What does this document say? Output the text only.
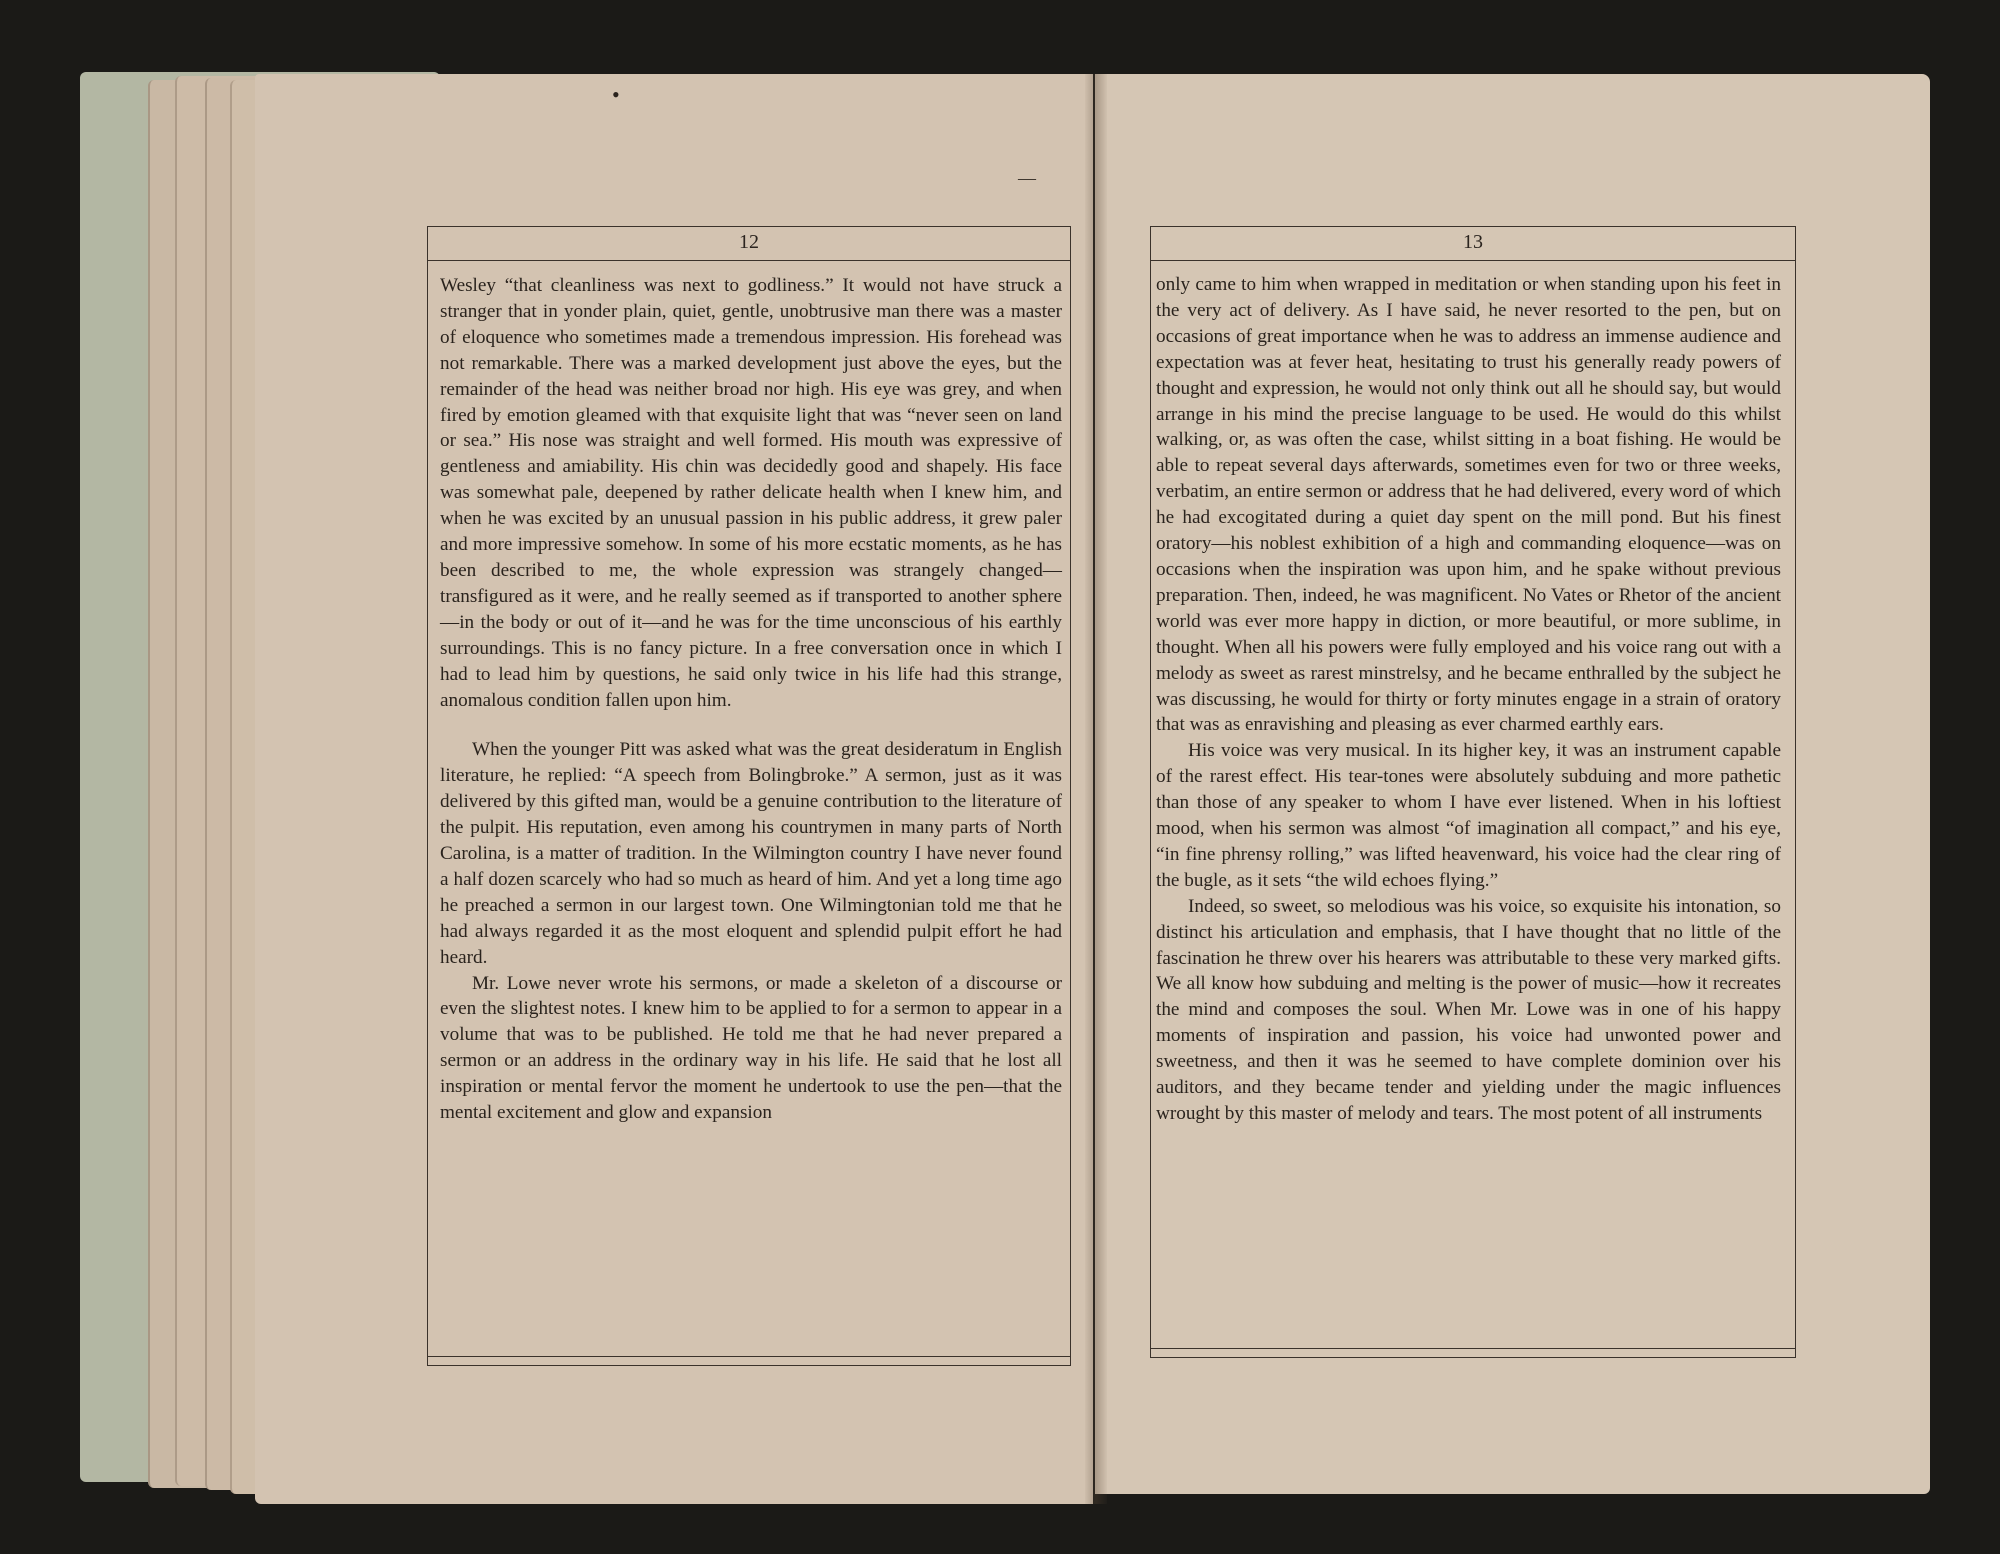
•
—
12

Wesley “that cleanliness was next to godliness.” It would not have struck a stranger that in yonder plain, quiet, gentle, unobtrusive man there was a master of eloquence who sometimes made a tremendous impression. His forehead was not remarkable. There was a marked development just above the eyes, but the remainder of the head was neither broad nor high. His eye was grey, and when fired by emotion gleamed with that exquisite light that was “never seen on land or sea.” His nose was straight and well formed. His mouth was expressive of gentleness and amiability. His chin was decidedly good and shapely. His face was somewhat pale, deepened by rather delicate health when I knew him, and when he was excited by an unusual passion in his public address, it grew paler and more impressive somehow. In some of his more ecstatic moments, as he has been described to me, the whole expression was strangely changed—transfigured as it were, and he really seemed as if transported to another sphere—in the body or out of it—and he was for the time unconscious of his earthly surroundings. This is no fancy picture. In a free conversation once in which I had to lead him by questions, he said only twice in his life had this strange, anomalous condition fallen upon him.

When the younger Pitt was asked what was the great desideratum in English literature, he replied: “A speech from Bolingbroke.” A sermon, just as it was delivered by this gifted man, would be a genuine contribution to the literature of the pulpit. His reputation, even among his countrymen in many parts of North Carolina, is a matter of tradition. In the Wilmington country I have never found a half dozen scarcely who had so much as heard of him. And yet a long time ago he preached a sermon in our largest town. One Wilmingtonian told me that he had always regarded it as the most eloquent and splendid pulpit effort he had heard.

Mr. Lowe never wrote his sermons, or made a skeleton of a discourse or even the slightest notes. I knew him to be applied to for a sermon to appear in a volume that was to be published. He told me that he had never prepared a sermon or an address in the ordinary way in his life. He said that he lost all inspiration or mental fervor the moment he undertook to use the pen—that the mental excitement and glow and expansion

13

only came to him when wrapped in meditation or when standing upon his feet in the very act of delivery. As I have said, he never resorted to the pen, but on occasions of great importance when he was to address an immense audience and expectation was at fever heat, hesitating to trust his generally ready powers of thought and expression, he would not only think out all he should say, but would arrange in his mind the precise language to be used. He would do this whilst walking, or, as was often the case, whilst sitting in a boat fishing. He would be able to repeat several days afterwards, sometimes even for two or three weeks, verbatim, an entire sermon or address that he had delivered, every word of which he had excogitated during a quiet day spent on the mill pond. But his finest oratory—his noblest exhibition of a high and commanding eloquence—was on occasions when the inspiration was upon him, and he spake without previous preparation. Then, indeed, he was magnificent. No Vates or Rhetor of the ancient world was ever more happy in diction, or more beautiful, or more sublime, in thought. When all his powers were fully employed and his voice rang out with a melody as sweet as rarest minstrelsy, and he became enthralled by the subject he was discussing, he would for thirty or forty minutes engage in a strain of oratory that was as enravishing and pleasing as ever charmed earthly ears.

His voice was very musical. In its higher key, it was an instrument capable of the rarest effect. His tear-tones were absolutely subduing and more pathetic than those of any speaker to whom I have ever listened. When in his loftiest mood, when his sermon was almost “of imagination all compact,” and his eye, “in fine phrensy rolling,” was lifted heavenward, his voice had the clear ring of the bugle, as it sets “the wild echoes flying.”

Indeed, so sweet, so melodious was his voice, so exquisite his intonation, so distinct his articulation and emphasis, that I have thought that no little of the fascination he threw over his hearers was attributable to these very marked gifts. We all know how subduing and melting is the power of music—how it recreates the mind and composes the soul. When Mr. Lowe was in one of his happy moments of inspiration and passion, his voice had unwonted power and sweetness, and then it was he seemed to have complete dominion over his auditors, and they became tender and yielding under the magic influences wrought by this master of melody and tears. The most potent of all instruments
